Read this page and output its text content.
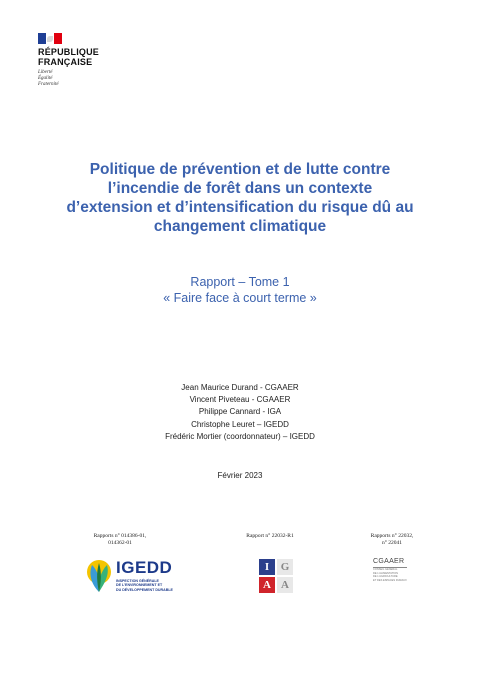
RÉPUBLIQUE
FRANÇAISE
Liberté
Égalité
Fraternité
Politique de prévention et de lutte contre
l’incendie de forêt dans un contexte
d’extension et d’intensification du risque dû au
changement climatique
Rapport – Tome 1
« Faire face à court terme »
Jean Maurice Durand - CGAAER
Vincent Piveteau - CGAAER
Philippe Cannard - IGA
Christophe Leuret – IGEDD
Frédéric Mortier (coordonnateur) – IGEDD
Février 2023
Rapports n° 014386-01,
014362-01
Rapport n° 22032-R1	Rapports n° 22032,
n° 22041
IGEDD
INSPECTION GÉNÉRALE
DE L'ENVIRONNEMENT ET
DU DÉVELOPPEMENT DURABLE
I	G
A A
CGAAER
CONSEIL GÉNÉRAL
DE L'ALIMENTATION
DE L'AGRICULTURE
ET DES ESPACES RURAUX
